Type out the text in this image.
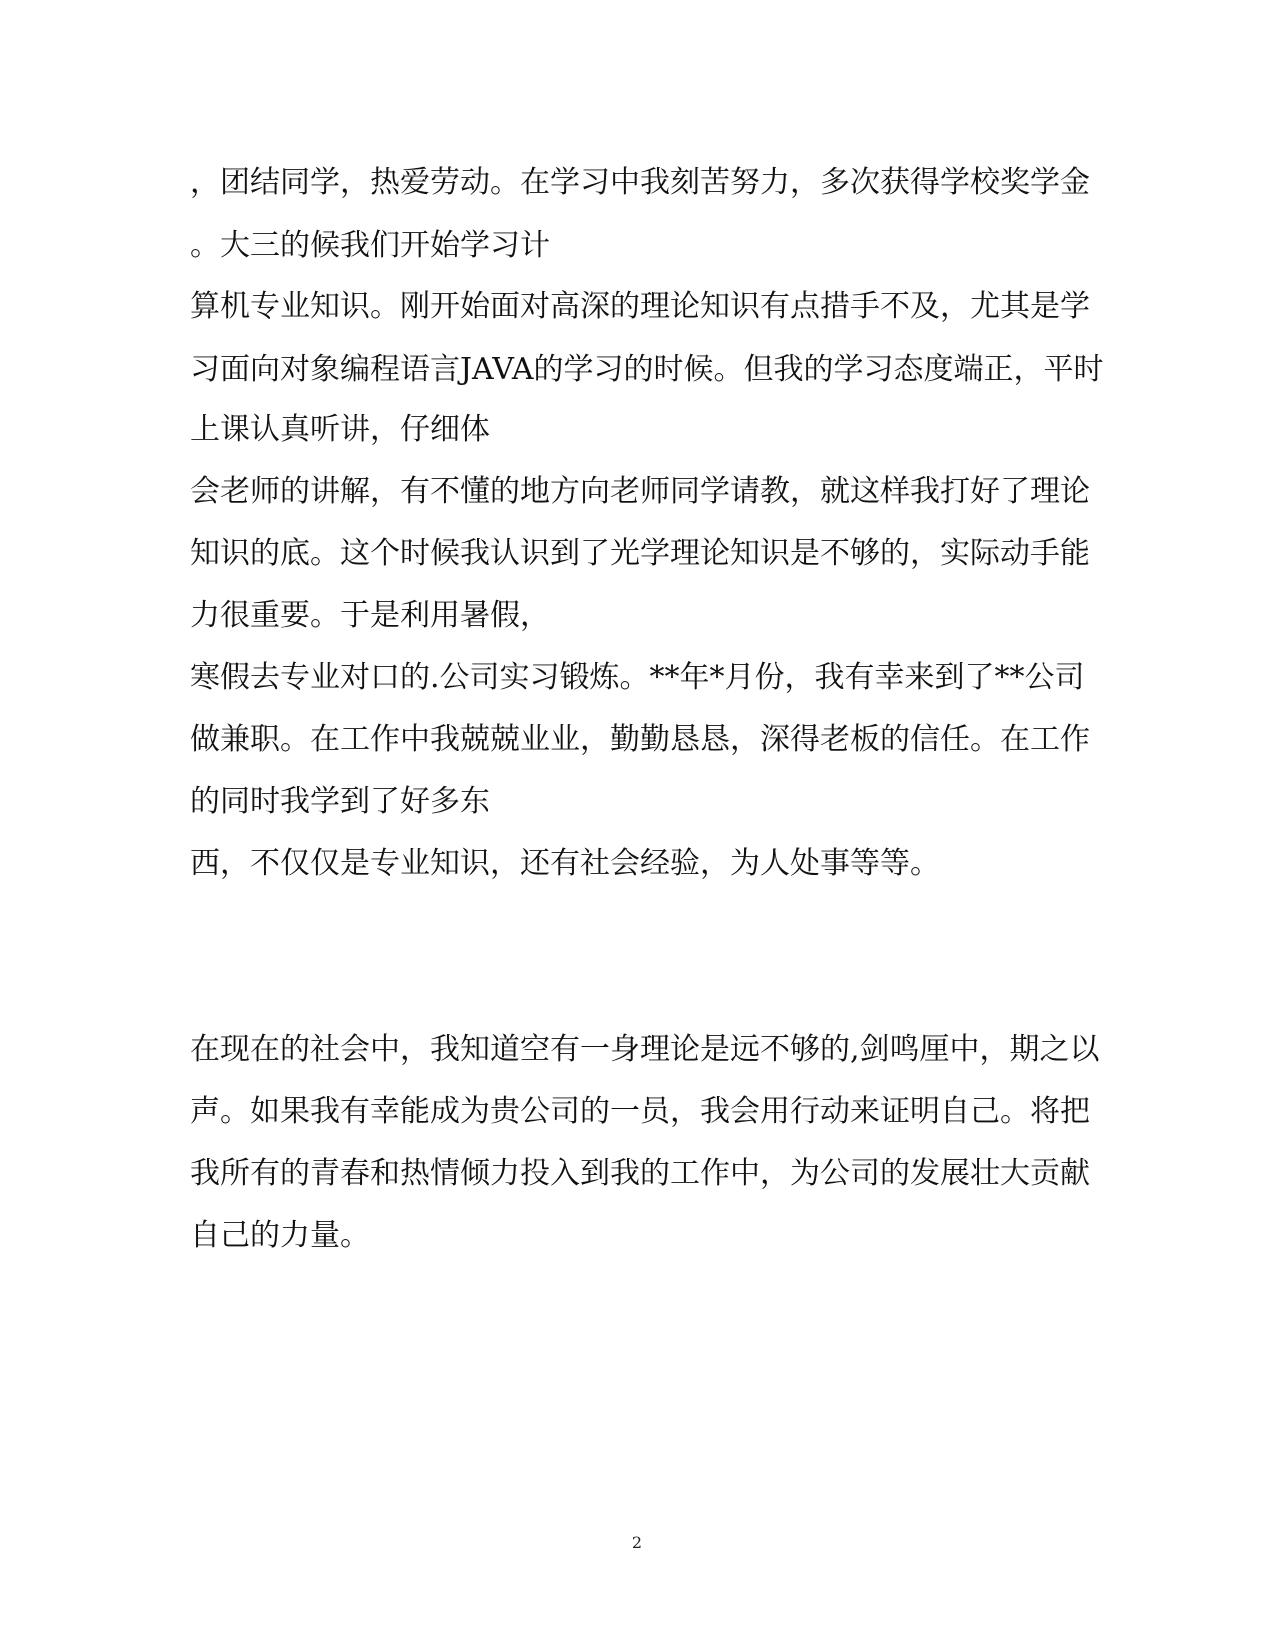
，团结同学，热爱劳动。在学习中我刻苦努力，多次获得学校奖学金
。大三的候我们开始学习计
算机专业知识。刚开始面对高深的理论知识有点措手不及，尤其是学
习面向对象编程语言JAVA的学习的时候。但我的学习态度端正，平时
上课认真听讲，仔细体
会老师的讲解，有不懂的地方向老师同学请教，就这样我打好了理论
知识的底。这个时候我认识到了光学理论知识是不够的，实际动手能
力很重要。于是利用暑假，
寒假去专业对口的.公司实习锻炼。**年*月份，我有幸来到了**公司
做兼职。在工作中我兢兢业业，勤勤恳恳，深得老板的信任。在工作
的同时我学到了好多东
西，不仅仅是专业知识，还有社会经验，为人处事等等。
在现在的社会中，我知道空有一身理论是远不够的,剑鸣厘中，期之以
声。如果我有幸能成为贵公司的一员，我会用行动来证明自己。将把
我所有的青春和热情倾力投入到我的工作中，为公司的发展壮大贡献
自己的力量。
2
